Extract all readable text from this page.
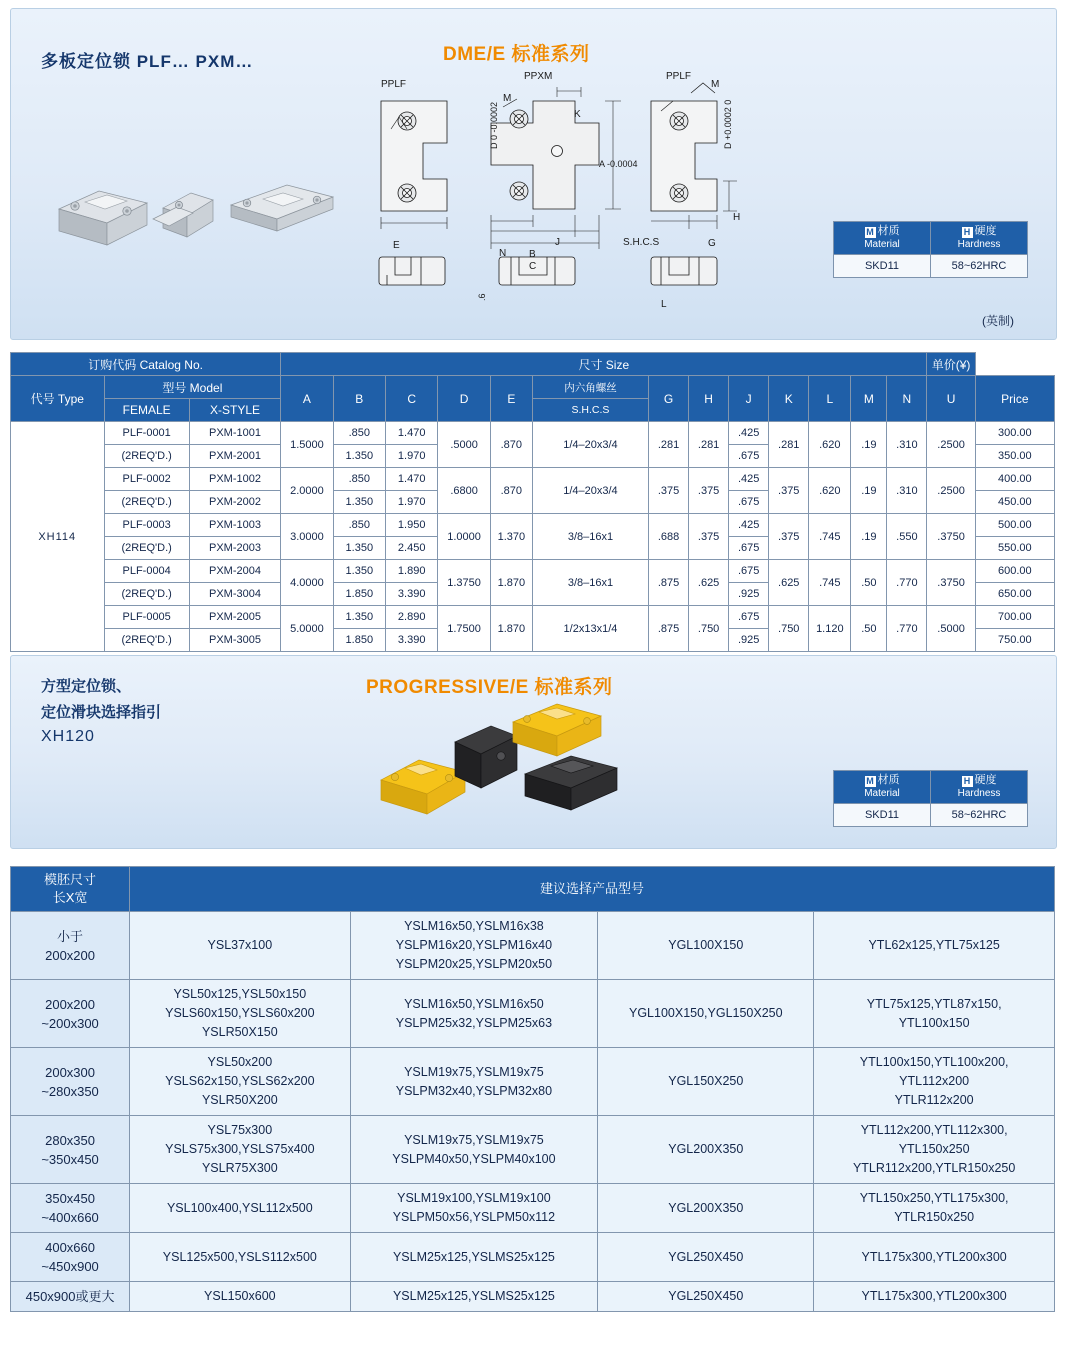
多板定位锁 PLF… PXM…	DME/E 标准系列
PPLF
PPXM	PPLF
M
K
A -0.0004
D 0 -0.0002	D +0.0002 0
E
N B
J
C
S.H.C.S	G
H
M
L
.6
M 材质
Material	H 硬度
Hardness
SKD11	58~62HRC
(英制)
订购代码 Catalog No.			尺寸 Size													单价(¥)	
代号 Type	型号 Model		A	B	C	D	E	内六角螺丝	G	H	J	K	L	M	N	U	Price
	FEMALE	X-STYLE						S.H.C.S									
XH114	PLF-0001	PXM-1001	1.5000	.850	1.470	.5000	.870	1/4–20x3/4	.281	.281	.425	.281	.620	.19	.310	.2500	300.00
	(2REQ'D.)	PXM-2001		1.350	1.970						.675						350.00
	PLF-0002	PXM-1002	2.0000	.850	1.470	.6800	.870	1/4–20x3/4	.375	.375	.425	.375	.620	.19	.310	.2500	400.00
	(2REQ'D.)	PXM-2002		1.350	1.970						.675						450.00
	PLF-0003	PXM-1003	3.0000	.850	1.950	1.0000	1.370	3/8–16x1	.688	.375	.425	.375	.745	.19	.550	.3750	500.00
	(2REQ'D.)	PXM-2003		1.350	2.450						.675						550.00
	PLF-0004	PXM-2004	4.0000	1.350	1.890	1.3750	1.870	3/8–16x1	.875	.625	.675	.625	.745	.50	.770	.3750	600.00
	(2REQ'D.)	PXM-3004		1.850	3.390						.925						650.00
	PLF-0005	PXM-2005	5.0000	1.350	2.890	1.7500	1.870	1/2x13x1/4	.875	.750	.675	.750	1.120	.50	.770	.5000	700.00
	(2REQ'D.)	PXM-3005		1.850	3.390						.925						750.00
方型定位锁、
定位滑块选择指引
XH120
M 材质
Material	H 硬度
Hardness
SKD11	58~62HRC
PROGRESSIVE/E 标准系列
模胚尺寸
长X宽	建议选择产品型号			
小于
200x200	YSL37x100	YSLM16x50,YSLM16x38
YSLPM16x20,YSLPM16x40
YSLPM20x25,YSLPM20x50	YGL100X150	YTL62x125,YTL75x125
200x200
~200x300	YSL50x125,YSL50x150
YSLS60x150,YSLS60x200
YSLR50X150	YSLM16x50,YSLM16x50
YSLPM25x32,YSLPM25x63	YGL100X150,YGL150X250	YTL75x125,YTL87x150,
YTL100x150
200x300
~280x350	YSL50x200
YSLS62x150,YSLS62x200
YSLR50X200	YSLM19x75,YSLM19x75
YSLPM32x40,YSLPM32x80	YGL150X250	YTL100x150,YTL100x200,
YTL112x200
YTLR112x200
280x350
~350x450	YSL75x300
YSLS75x300,YSLS75x400
YSLR75X300	YSLM19x75,YSLM19x75
YSLPM40x50,YSLPM40x100	YGL200X350	YTL112x200,YTL112x300,
YTL150x250
YTLR112x200,YTLR150x250
350x450
~400x660	YSL100x400,YSL112x500	YSLM19x100,YSLM19x100
YSLPM50x56,YSLPM50x112	YGL200X350	YTL150x250,YTL175x300,
YTLR150x250
400x660
~450x900	YSL125x500,YSLS112x500	YSLM25x125,YSLMS25x125	YGL250X450	YTL175x300,YTL200x300
450x900或更大	YSL150x600	YSLM25x125,YSLMS25x125	YGL250X450	YTL175x300,YTL200x300
